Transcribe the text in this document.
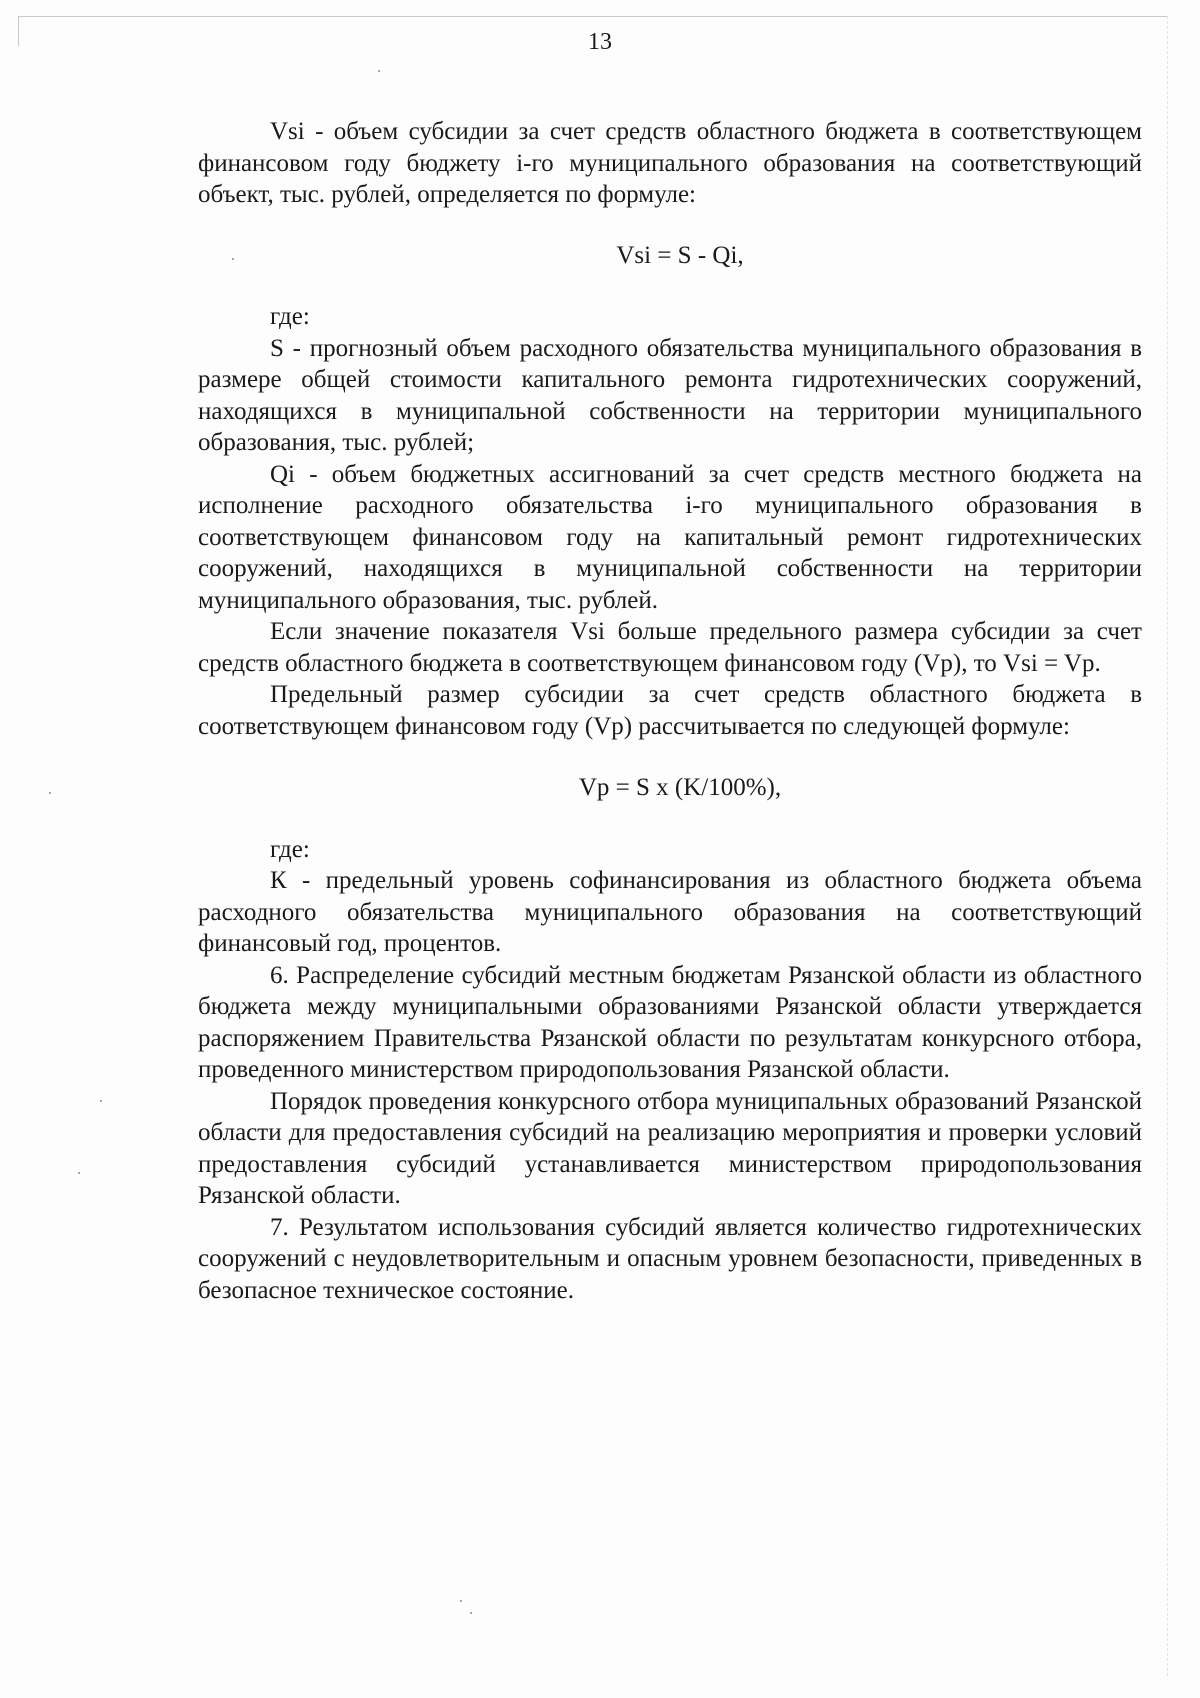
13

Vsi - объем субсидии за счет средств областного бюджета в соответствующем финансовом году бюджету i-го муниципального образования на соответствующий объект, тыс. рублей, определяется по формуле:

Vsi = S - Qi,

где:

S - прогнозный объем расходного обязательства муниципального образования в размере общей стоимости капитального ремонта гидротехнических сооружений, находящихся в муниципальной собственности на территории муниципального образования, тыс. рублей;

Qi - объем бюджетных ассигнований за счет средств местного бюджета на исполнение расходного обязательства i-го муниципального образования в соответствующем финансовом году на капитальный ремонт гидротехнических сооружений, находящихся в муниципальной собственности на территории муниципального образования, тыс. рублей.

Если значение показателя Vsi больше предельного размера субсидии за счет средств областного бюджета в соответствующем финансовом году (Vp), то Vsi = Vp.

Предельный размер субсидии за счет средств областного бюджета в соответствующем финансовом году (Vp) рассчитывается по следующей формуле:

Vp = S x (K/100%),

где:

К - предельный уровень софинансирования из областного бюджета объема расходного обязательства муниципального образования на соответствующий финансовый год, процентов.

6. Распределение субсидий местным бюджетам Рязанской области из областного бюджета между муниципальными образованиями Рязанской области утверждается распоряжением Правительства Рязанской области по результатам конкурсного отбора, проведенного министерством природопользования Рязанской области.

Порядок проведения конкурсного отбора муниципальных образований Рязанской области для предоставления субсидий на реализацию мероприятия и проверки условий предоставления субсидий устанавливается министерством природопользования Рязанской области.

7. Результатом использования субсидий является количество гидротехнических сооружений с неудовлетворительным и опасным уровнем безопасности, приведенных в безопасное техническое состояние.
